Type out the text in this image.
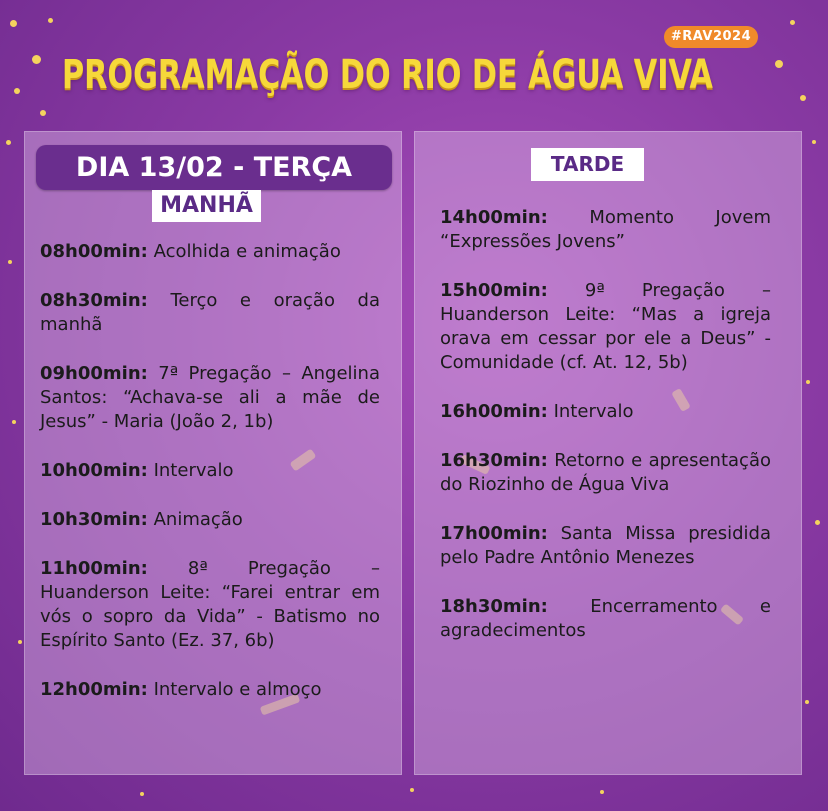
#RAV2024
PROGRAMAÇÃO DO RIO DE ÁGUA VIVA
DIA 13/02 - TERÇA
MANHÃ
TARDE
08h00min: Acolhida e animação
08h30min: Terço e oração da manhã
09h00min: 7ª Pregação – Angelina Santos: “Achava-se ali a mãe de Jesus” - Maria (João 2, 1b)
10h00min: Intervalo
10h30min: Animação
11h00min: 8ª Pregação – Huanderson Leite: “Farei entrar em vós o sopro da Vida” - Batismo no Espírito Santo (Ez. 37, 6b)
12h00min: Intervalo e almoço
14h00min: Momento Jovem “Expressões Jovens”
15h00min: 9ª Pregação – Huanderson Leite: “Mas a igreja orava em cessar por ele a Deus” - Comunidade (cf. At. 12, 5b)
16h00min: Intervalo
16h30min: Retorno e apresentação do Riozinho de Água Viva
17h00min: Santa Missa presidida pelo Padre Antônio Menezes
18h30min: Encerramento e agradecimentos
